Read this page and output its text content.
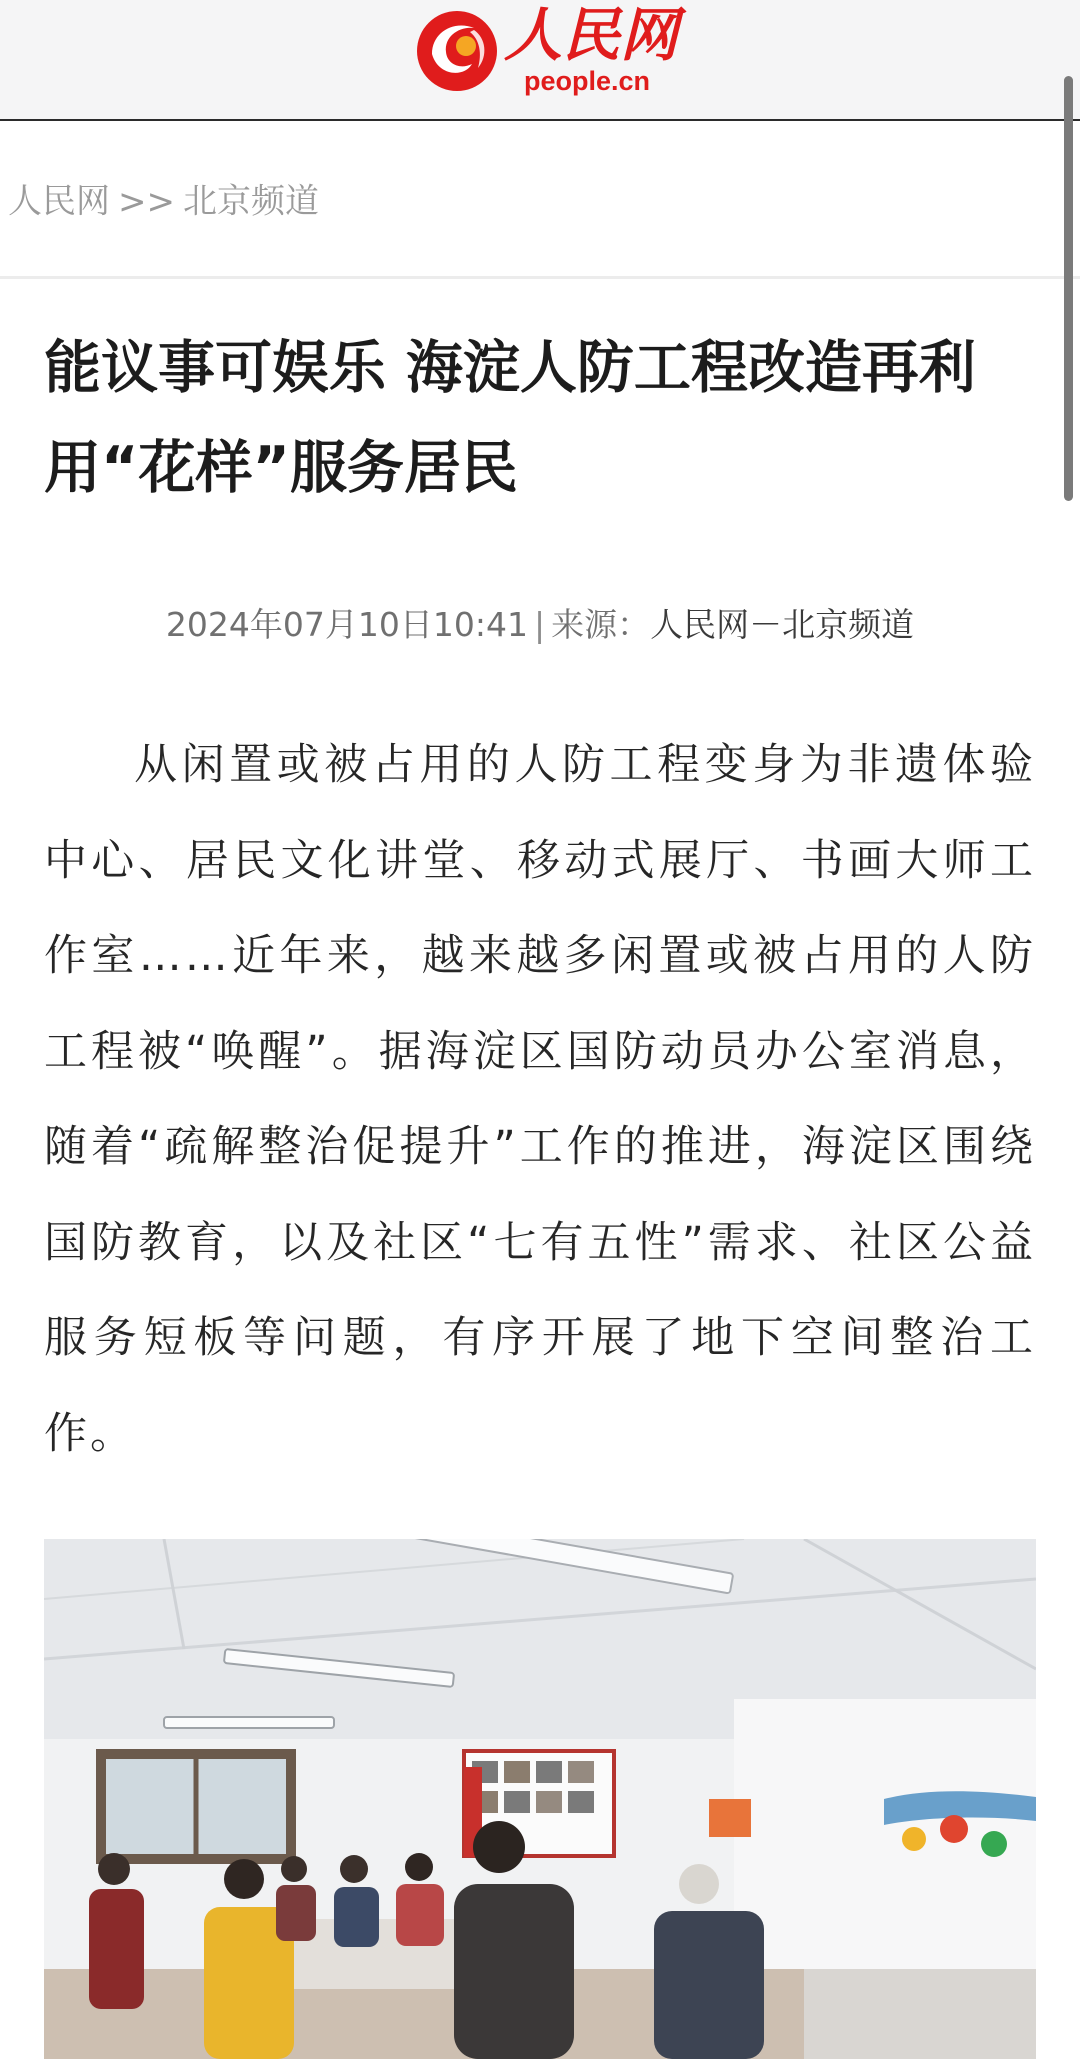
人民网
people.cn
人民网 >> 北京频道
能议事可娱乐 海淀人防工程改造再利用“花样”服务居民
2024年07月10日10:41 | 来源：人民网－北京频道

从闲置或被占用的人防工程变身为非遗体验中心、居民文化讲堂、移动式展厅、书画大师工作室……近年来，越来越多闲置或被占用的人防工程被“唤醒”。据海淀区国防动员办公室消息，随着“疏解整治促提升”工作的推进，海淀区围绕国防教育，以及社区“七有五性”需求、社区公益服务短板等问题，有序开展了地下空间整治工作。
